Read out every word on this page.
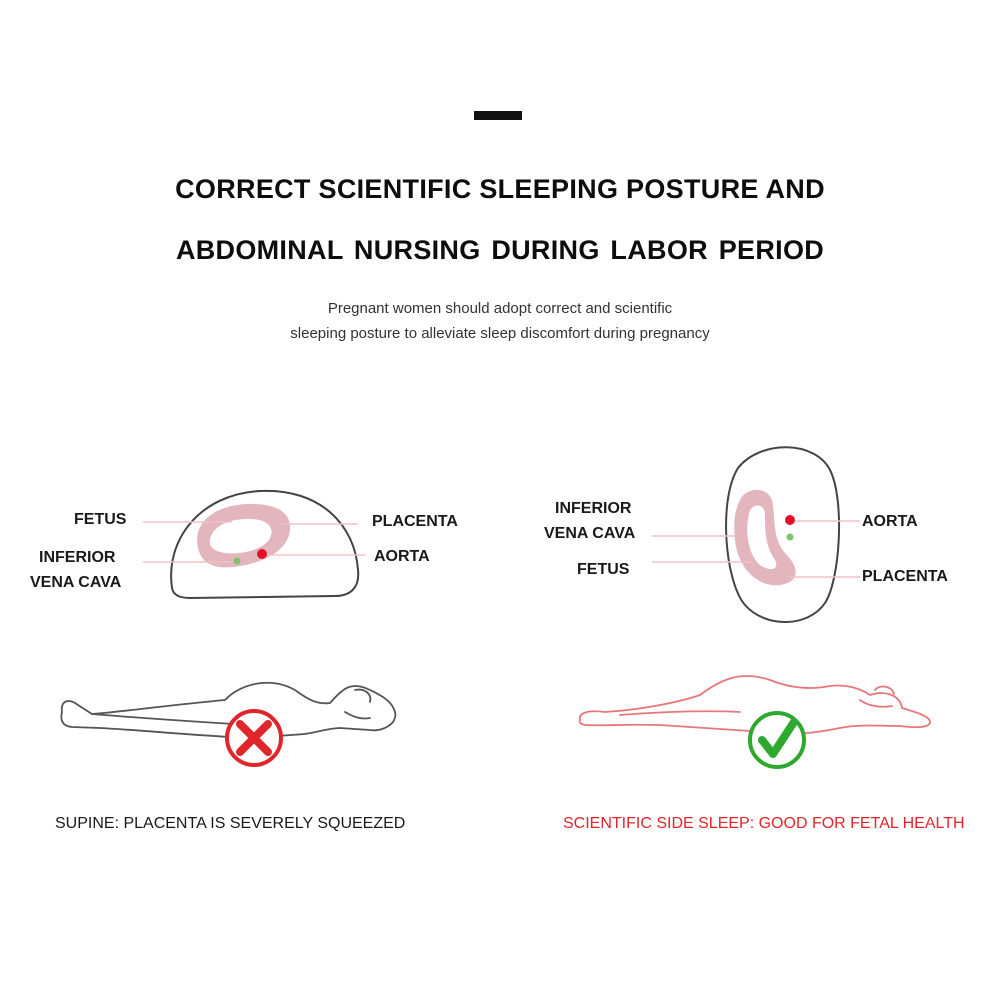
CORRECT SCIENTIFIC SLEEPING POSTURE AND
ABDOMINAL NURSING DURING LABOR PERIOD
Pregnant women should adopt correct and scientific
sleeping posture to alleviate sleep discomfort during pregnancy
FETUS
INFERIOR
VENA CAVA
PLACENTA
AORTA
INFERIOR
VENA CAVA
FETUS
AORTA
PLACENTA
SUPINE: PLACENTA IS SEVERELY SQUEEZED	SCIENTIFIC SIDE SLEEP: GOOD FOR FETAL HEALTH
